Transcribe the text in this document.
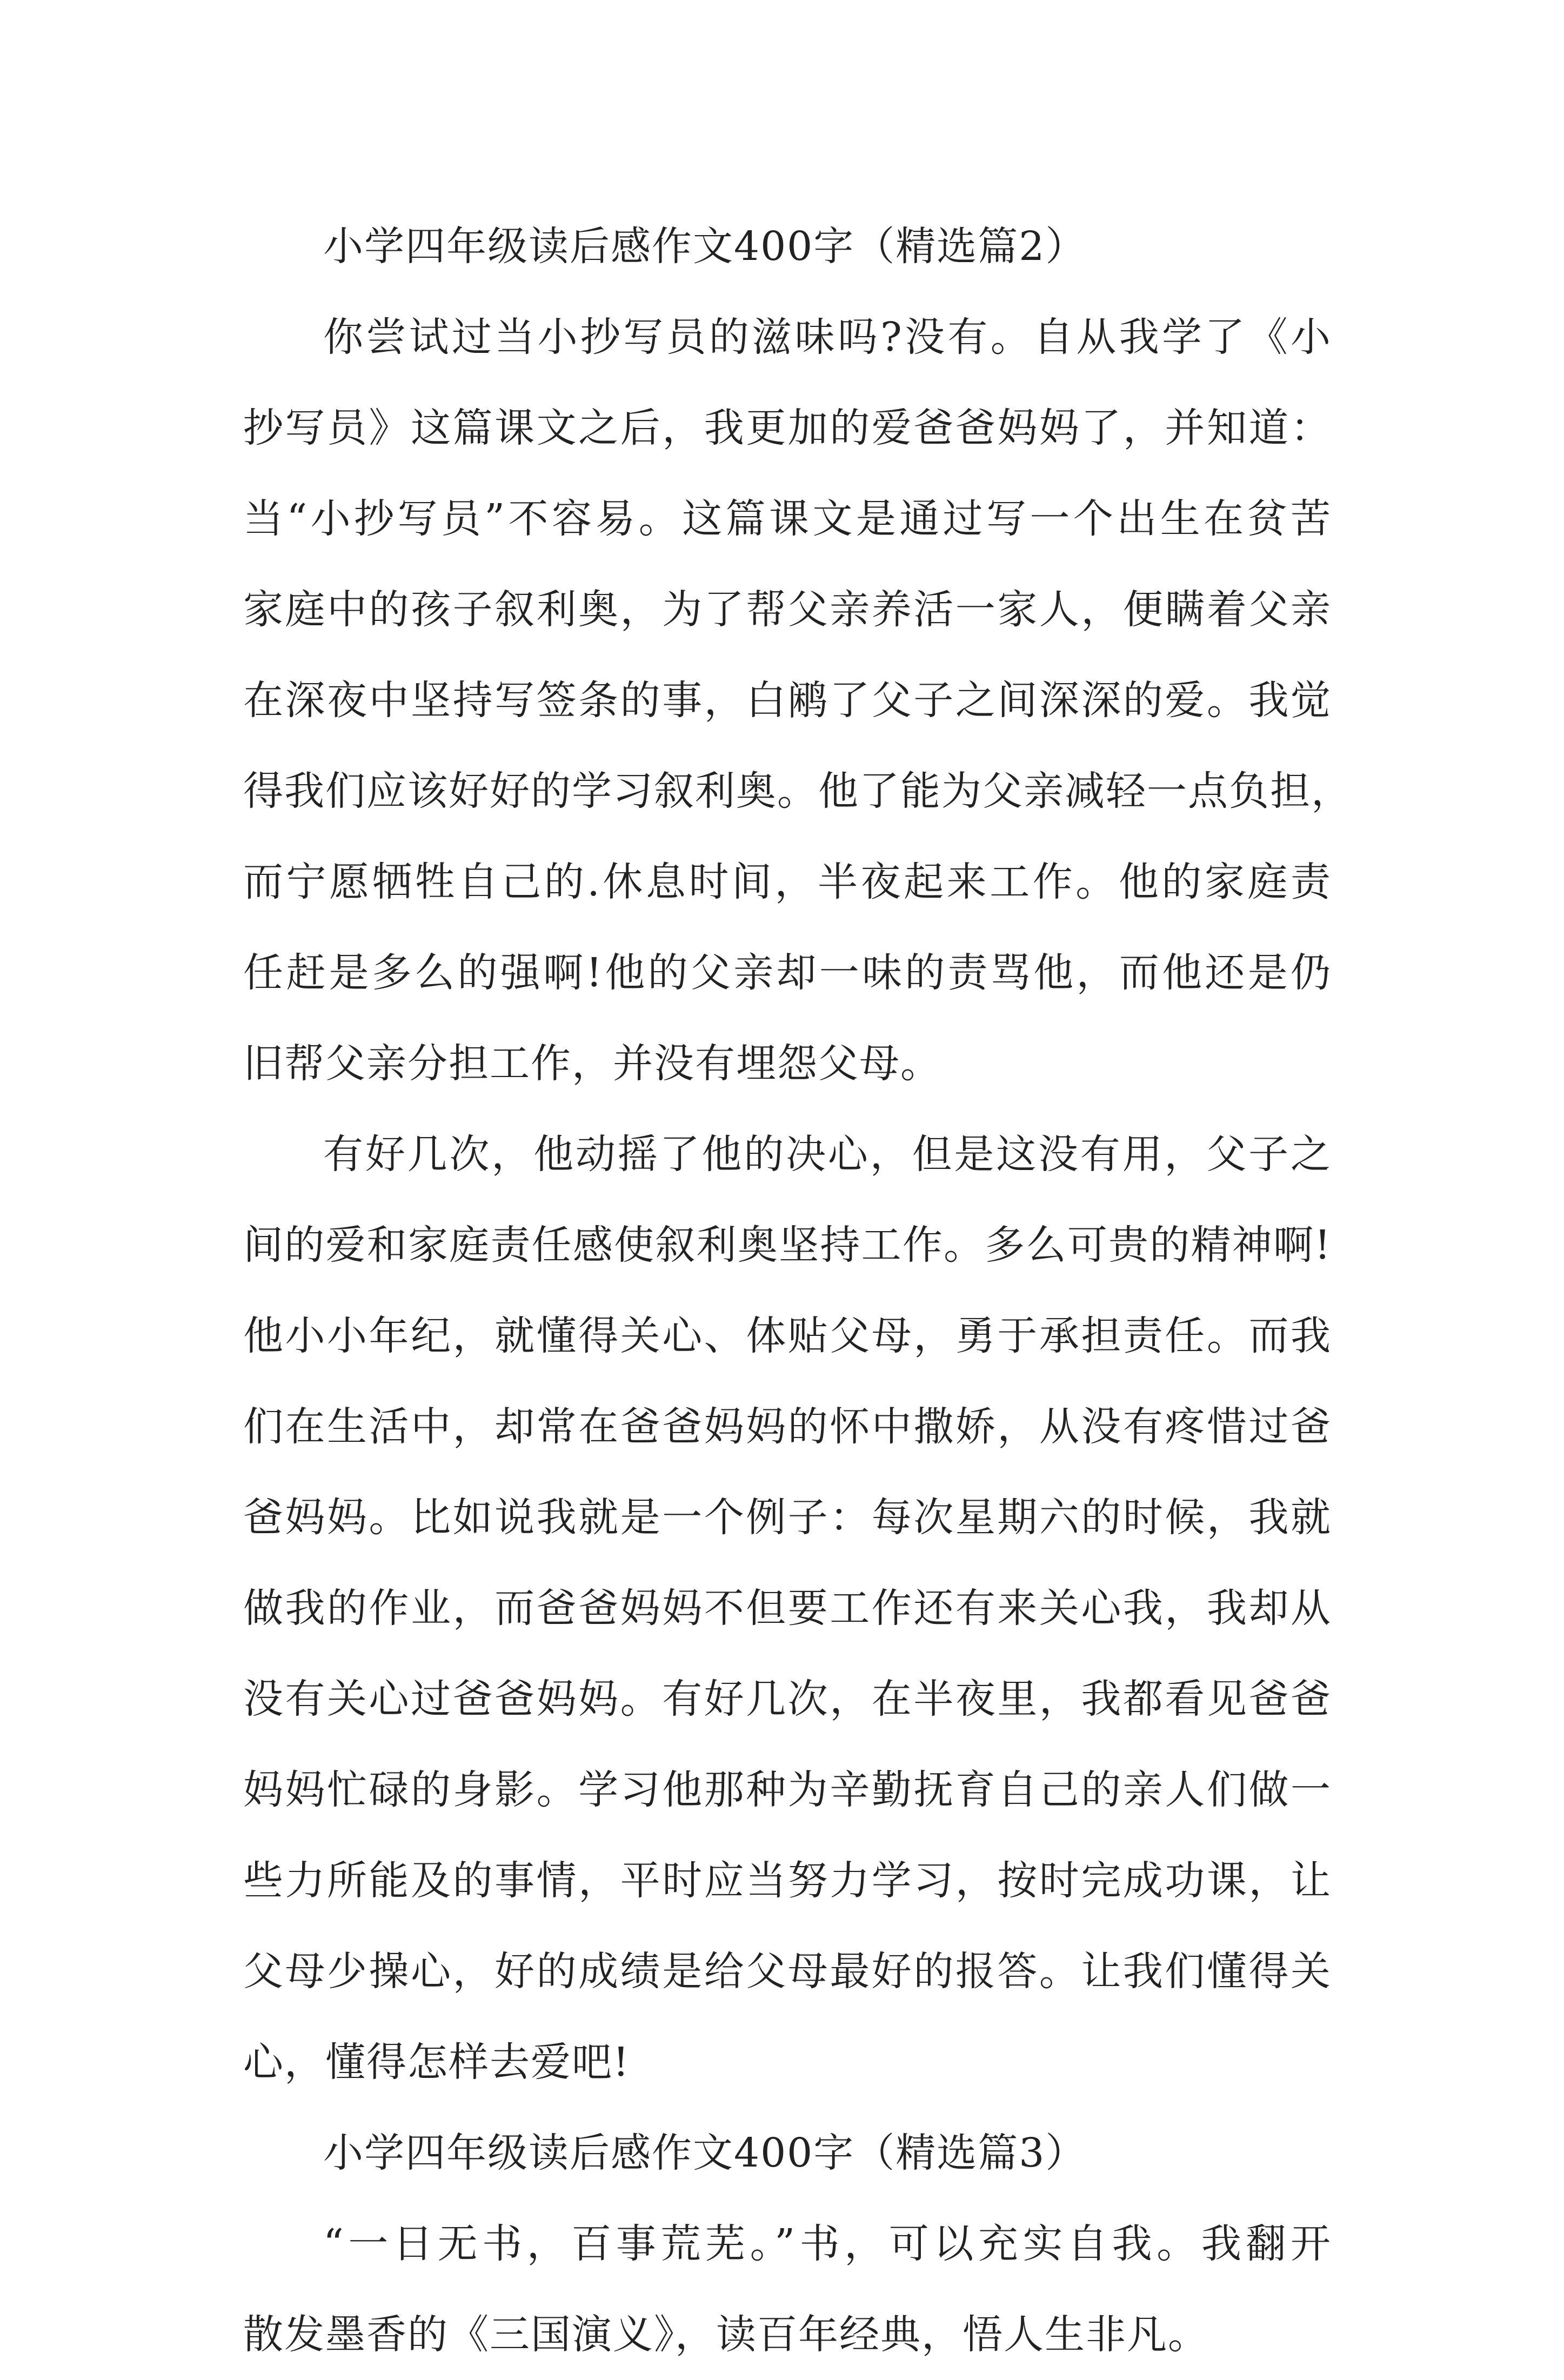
小学四年级读后感作文400字（精选篇2）
你尝试过当小抄写员的滋味吗?没有。自从我学了《小
抄写员》这篇课文之后，我更加的爱爸爸妈妈了，并知道：
当“小抄写员”不容易。这篇课文是通过写一个出生在贫苦
家庭中的孩子叙利奥，为了帮父亲养活一家人，便瞒着父亲
在深夜中坚持写签条的事，白鹇了父子之间深深的爱。我觉
得我们应该好好的学习叙利奥。他了能为父亲减轻一点负担，
而宁愿牺牲自己的.休息时间，半夜起来工作。他的家庭责
任赶是多么的强啊!他的父亲却一味的责骂他，而他还是仍
旧帮父亲分担工作，并没有埋怨父母。
有好几次，他动摇了他的决心，但是这没有用，父子之
间的爱和家庭责任感使叙利奥坚持工作。多么可贵的精神啊!
他小小年纪，就懂得关心、体贴父母，勇于承担责任。而我
们在生活中，却常在爸爸妈妈的怀中撒娇，从没有疼惜过爸
爸妈妈。比如说我就是一个例子：每次星期六的时候，我就
做我的作业，而爸爸妈妈不但要工作还有来关心我，我却从
没有关心过爸爸妈妈。有好几次，在半夜里，我都看见爸爸
妈妈忙碌的身影。学习他那种为辛勤抚育自己的亲人们做一
些力所能及的事情，平时应当努力学习，按时完成功课，让
父母少操心，好的成绩是给父母最好的报答。让我们懂得关
心，懂得怎样去爱吧!
小学四年级读后感作文400字（精选篇3）
“一日无书，百事荒芜。”书，可以充实自我。我翻开
散发墨香的《三国演义》，读百年经典，悟人生非凡。
